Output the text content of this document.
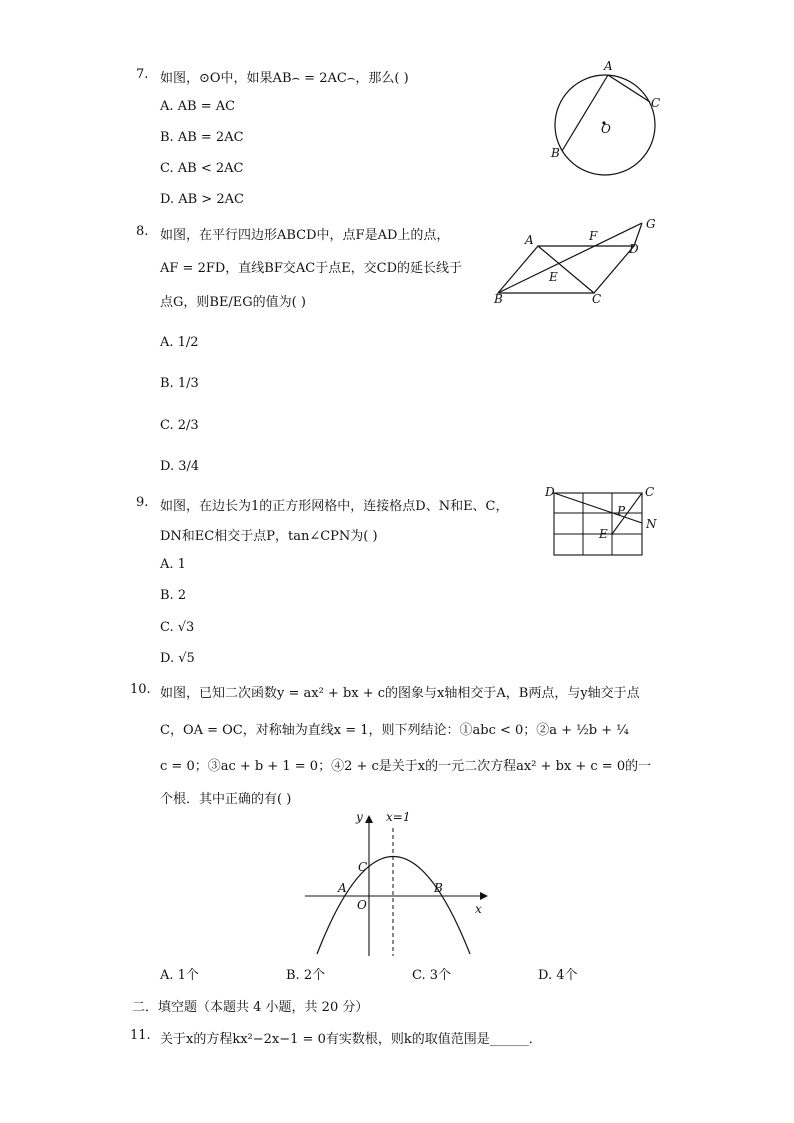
7. 如图，⊙O中，如果AB⌢ = 2AC⌢，那么( )
A. AB = AC
B. AB = 2AC
C. AB < 2AC
D. AB > 2AC
A
C
O
B
8. 如图，在平行四边形ABCD中，点F是AD上的点，
AF = 2FD，直线BF交AC于点E，交CD的延长线于
点G，则BE/EG的值为( )
A. 1/2
B. 1/3
C. 2/3
D. 3/4
A	F
G
D
E
B	C
9. 如图，在边长为1的正方形网格中，连接格点D、N和E、C，
DN和EC相交于点P，tan∠CPN为( )
A. 1
B. 2
C. √3
D. √5
D	C
P
N
E
10. 如图，已知二次函数y = ax² + bx + c的图象与x轴相交于A，B两点，与y轴交于点
C，OA = OC，对称轴为直线x = 1，则下列结论：①abc < 0；②a + ½b + ¼
c = 0；③ac + b + 1 = 0；④2 + c是关于x的一元二次方程ax² + bx + c = 0的一
个根．其中正确的有( )
y x=1
C
A	B
O	x
A. 1个	B. 2个	C. 3个	D. 4个
二．填空题（本题共 4 小题，共 20 分）
11. 关于x的方程kx²−2x−1 = 0有实数根，则k的取值范围是______．
